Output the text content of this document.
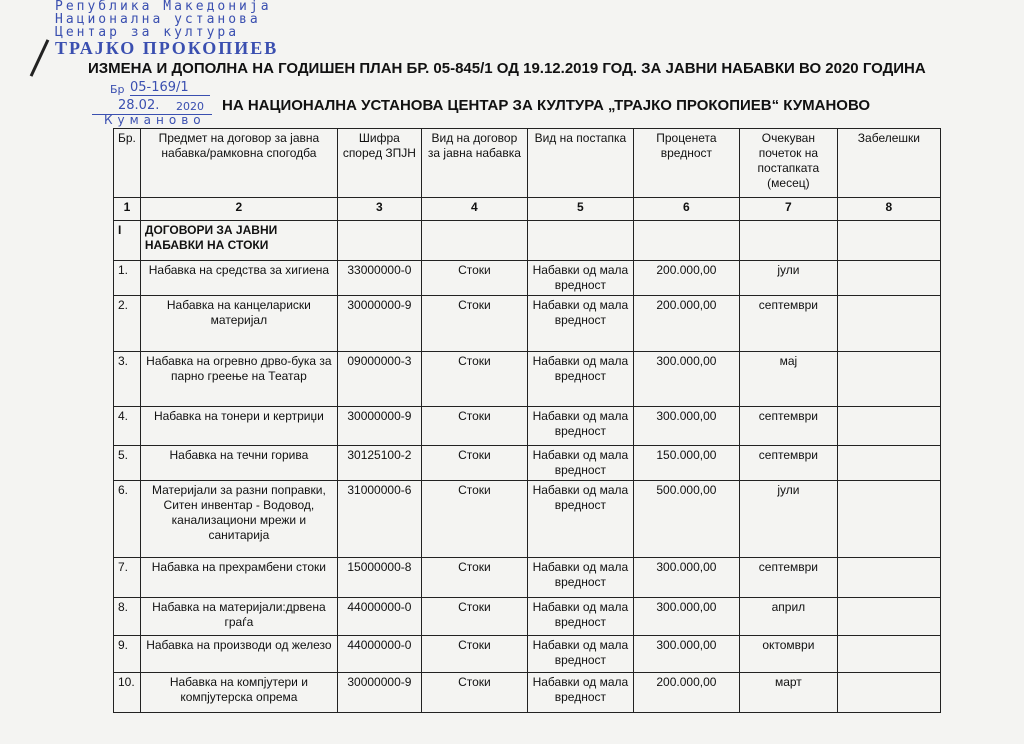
Република Македонија
Национална установа
Центар за култура
ТРАЈКО ПРОКОПИЕВ
Бр 05-169/1
28.02. 2020
Куманово
ИЗМЕНА И ДОПОЛНА НА ГОДИШЕН ПЛАН БР. 05-845/1 ОД 19.12.2019 ГОД. ЗА ЈАВНИ НАБАВКИ ВО 2020 ГОДИНА
НА НАЦИОНАЛНА УСТАНОВА ЦЕНТАР ЗА КУЛТУРА „ТРАЈКО ПРОКОПИЕВ“ КУМАНОВО
Бр.	Предмет на договор за јавна набавка/рамковна спогодба	Шифра според ЗПЈН	Вид на договор за јавна набавка	Вид на постапка	Проценета вредност	Очекуван почеток на постапката (месец)	Забелешки
1	2	3	4	5	6	7	8
I	ДОГОВОРИ ЗА ЈАВНИ НАБАВКИ НА СТОКИ						
1.	Набавка на средства за хигиена	33000000-0	Стоки	Набавки од мала вредност	200.000,00	јули	
2.	Набавка на канцелариски материјал	30000000-9	Стоки	Набавки од мала вредност	200.000,00	септември	
3.	Набавка на огревно дрво-бука за парно греење на Театар	09000000-3	Стоки	Набавки од мала вредност	300.000,00	мај	
4.	Набавка на тонери и кертриџи	30000000-9	Стоки	Набавки од мала вредност	300.000,00	септември	
5.	Набавка на течни горива	30125100-2	Стоки	Набавки од мала вредност	150.000,00	септември	
6.	Материјали за разни поправки, Ситен инвентар - Водовод, канализациони мрежи и санитарија	31000000-6	Стоки	Набавки од мала вредност	500.000,00	јули	
7.	Набавка на прехрамбени стоки	15000000-8	Стоки	Набавки од мала вредност	300.000,00	септември	
8.	Набавка на материјали:дрвена граѓа	44000000-0	Стоки	Набавки од мала вредност	300.000,00	април	
9.	Набавка на производи од железо	44000000-0	Стоки	Набавки од мала вредност	300.000,00	октомври	
10.	Набавка на компјутери и компјутерска опрема	30000000-9	Стоки	Набавки од мала вредност	200.000,00	март	
